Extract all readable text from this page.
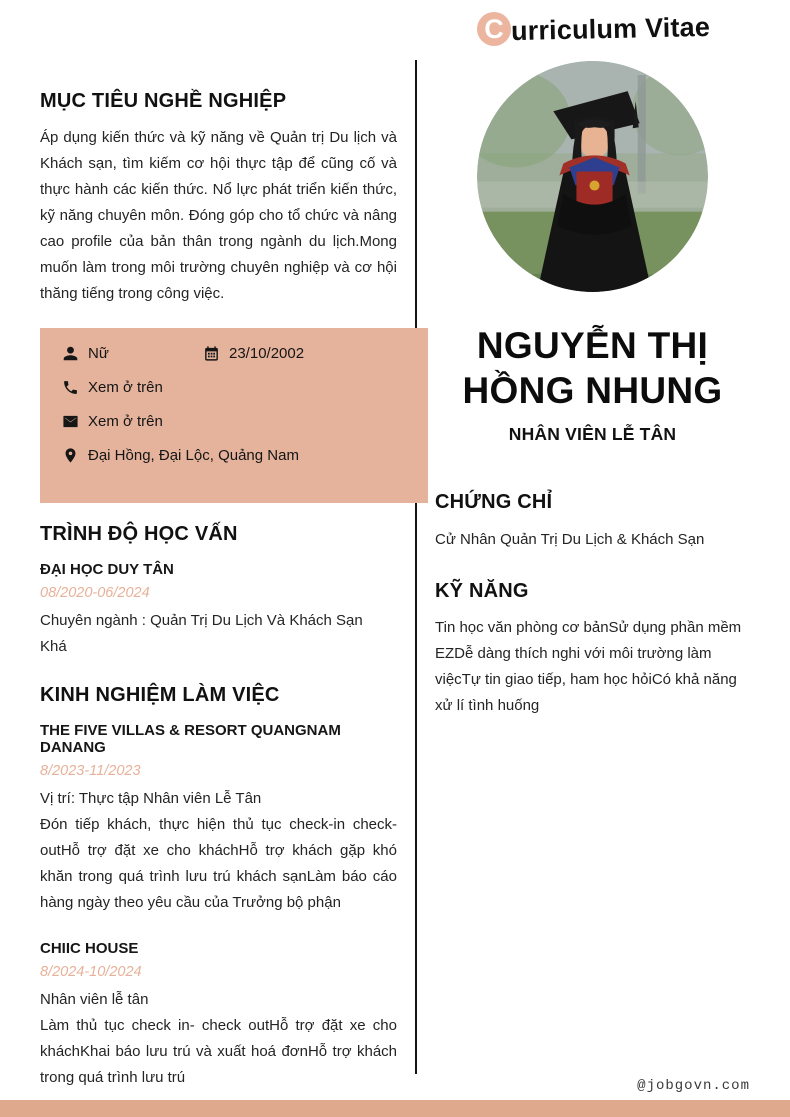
C urriculum Vitae
MỤC TIÊU NGHỀ NGHIỆP

Áp dụng kiến thức và kỹ năng về Quản trị Du lịch và Khách sạn, tìm kiếm cơ hội thực tập để cũng cố và thực hành các kiến thức. Nổ lực phát triển kiến thức, kỹ năng chuyên môn. Đóng góp cho tổ chức và nâng cao profile của bản thân trong ngành du lịch.Mong muốn làm trong môi trường chuyên nghiệp và cơ hội thăng tiếng trong công việc.

Nữ	23/10/2002
Xem ở trên
Xem ở trên
Đại Hồng, Đại Lộc, Quảng Nam
TRÌNH ĐỘ HỌC VẤN

ĐẠI HỌC DUY TÂN

08/2020-06/2024

Chuyên ngành : Quản Trị Du Lịch Và Khách Sạn
Khá

KINH NGHIỆM LÀM VIỆC

THE FIVE VILLAS & RESORT QUANGNAM DANANG

8/2023-11/2023

Vị trí: Thực tập Nhân viên Lễ Tân

Đón tiếp khách, thực hiện thủ tục check-in check-outHỗ trợ đặt xe cho kháchHỗ trợ khách gặp khó khăn trong quá trình lưu trú khách sạnLàm báo cáo hàng ngày theo yêu cầu của Trưởng bộ phận

CHIIC HOUSE

8/2024-10/2024

Nhân viên lễ tân

Làm thủ tục check in- check outHỗ trợ đặt xe cho kháchKhai báo lưu trú và xuất hoá đơnHỗ trợ khách trong quá trình lưu trú

NGUYỄN THỊ
HỒNG NHUNG
NHÂN VIÊN LỄ TÂN
CHỨNG CHỈ

Cử Nhân Quản Trị Du Lịch & Khách Sạn

KỸ NĂNG

Tin học văn phòng cơ bảnSử dụng phần mềm EZDễ dàng thích nghi với môi trường làm việcTự tin giao tiếp, ham học hỏiCó khả năng xử lí tình huống

@jobgovn.com
